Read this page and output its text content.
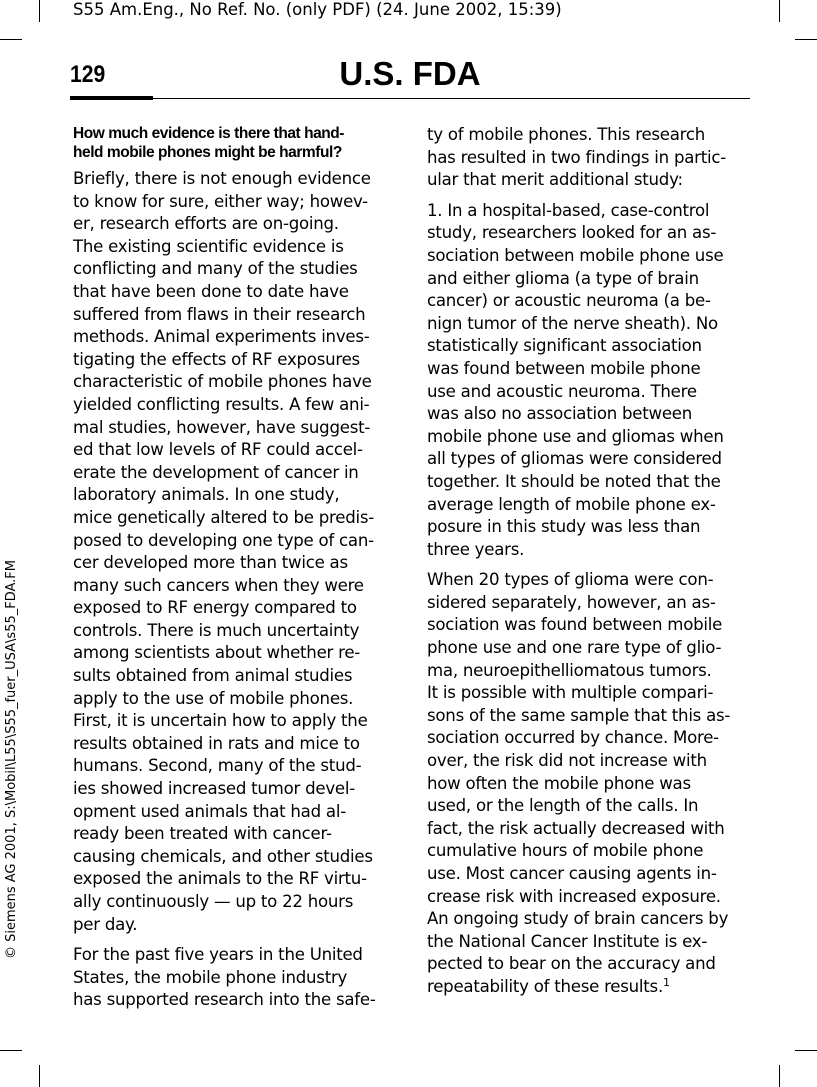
S55 Am.Eng., No Ref. No. (only PDF) (24. June 2002, 15:39)
129	U.S. FDA
© Siemens AG 2001, S:\Mobil\L55\S55_fuer_USA\s55_FDA.FM
How much evidence is there that hand-
held mobile phones might be harmful?

Briefly, there is not enough evidence
to know for sure, either way; howev-
er, research efforts are on-going.
The existing scientific evidence is
conflicting and many of the studies
that have been done to date have
suffered from flaws in their research
methods. Animal experiments inves-
tigating the effects of RF exposures
characteristic of mobile phones have
yielded conflicting results. A few ani-
mal studies, however, have suggest-
ed that low levels of RF could accel-
erate the development of cancer in
laboratory animals. In one study,
mice genetically altered to be predis-
posed to developing one type of can-
cer developed more than twice as
many such cancers when they were
exposed to RF energy compared to
controls. There is much uncertainty
among scientists about whether re-
sults obtained from animal studies
apply to the use of mobile phones.
First, it is uncertain how to apply the
results obtained in rats and mice to
humans. Second, many of the stud-
ies showed increased tumor devel-
opment used animals that had al-
ready been treated with cancer-
causing chemicals, and other studies
exposed the animals to the RF virtu-
ally continuously — up to 22 hours
per day.

For the past five years in the United
States, the mobile phone industry
has supported research into the safe-

ty of mobile phones. This research
has resulted in two findings in partic-
ular that merit additional study:

1. In a hospital-based, case-control
study, researchers looked for an as-
sociation between mobile phone use
and either glioma (a type of brain
cancer) or acoustic neuroma (a be-
nign tumor of the nerve sheath). No
statistically significant association
was found between mobile phone
use and acoustic neuroma. There
was also no association between
mobile phone use and gliomas when
all types of gliomas were considered
together. It should be noted that the
average length of mobile phone ex-
posure in this study was less than
three years.

When 20 types of glioma were con-
sidered separately, however, an as-
sociation was found between mobile
phone use and one rare type of glio-
ma, neuroepithelliomatous tumors.
It is possible with multiple compari-
sons of the same sample that this as-
sociation occurred by chance. More-
over, the risk did not increase with
how often the mobile phone was
used, or the length of the calls. In
fact, the risk actually decreased with
cumulative hours of mobile phone
use. Most cancer causing agents in-
crease risk with increased exposure.
An ongoing study of brain cancers by
the National Cancer Institute is ex-
pected to bear on the accuracy and
repeatability of these results.$^1$
